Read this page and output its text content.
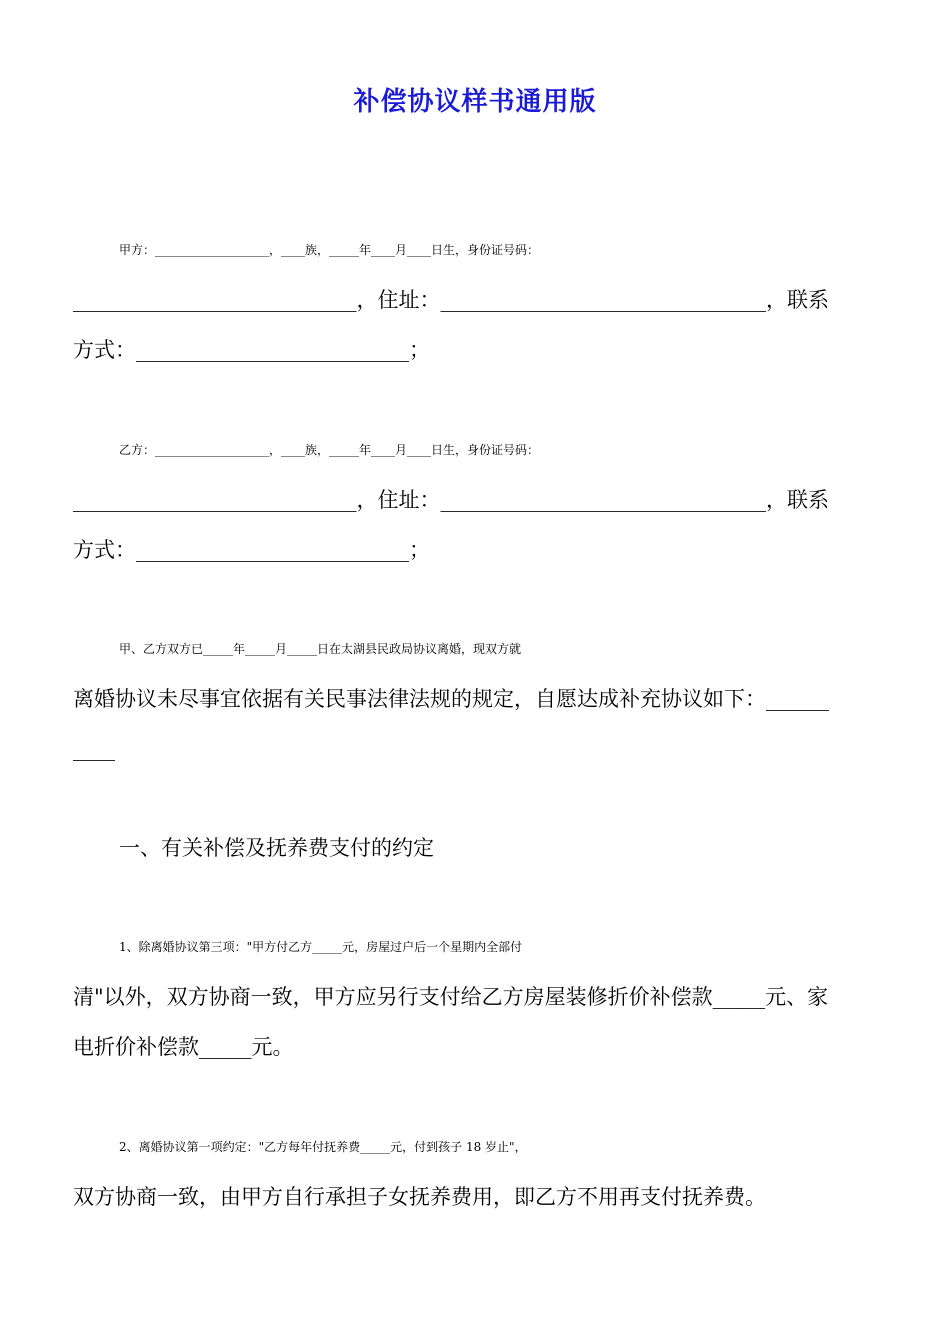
补偿协议样书通用版
甲方：___________________，____族，_____年____月____日生，身份证号码：
___________________________，住址：_______________________________，联系
方式：__________________________；
乙方：___________________，____族，_____年____月____日生，身份证号码：
___________________________，住址：_______________________________，联系
方式：__________________________；
甲、乙方双方已_____年_____月_____日在太湖县民政局协议离婚，现双方就
离婚协议未尽事宜依据有关民事法律法规的规定，自愿达成补充协议如下：______
____
一、有关补偿及抚养费支付的约定
1、除离婚协议第三项："甲方付乙方_____元，房屋过户后一个星期内全部付
清"以外，双方协商一致，甲方应另行支付给乙方房屋装修折价补偿款_____元、家
电折价补偿款_____元。
2、离婚协议第一项约定："乙方每年付抚养费_____元，付到孩子 18 岁止"，
双方协商一致，由甲方自行承担子女抚养费用，即乙方不用再支付抚养费。
